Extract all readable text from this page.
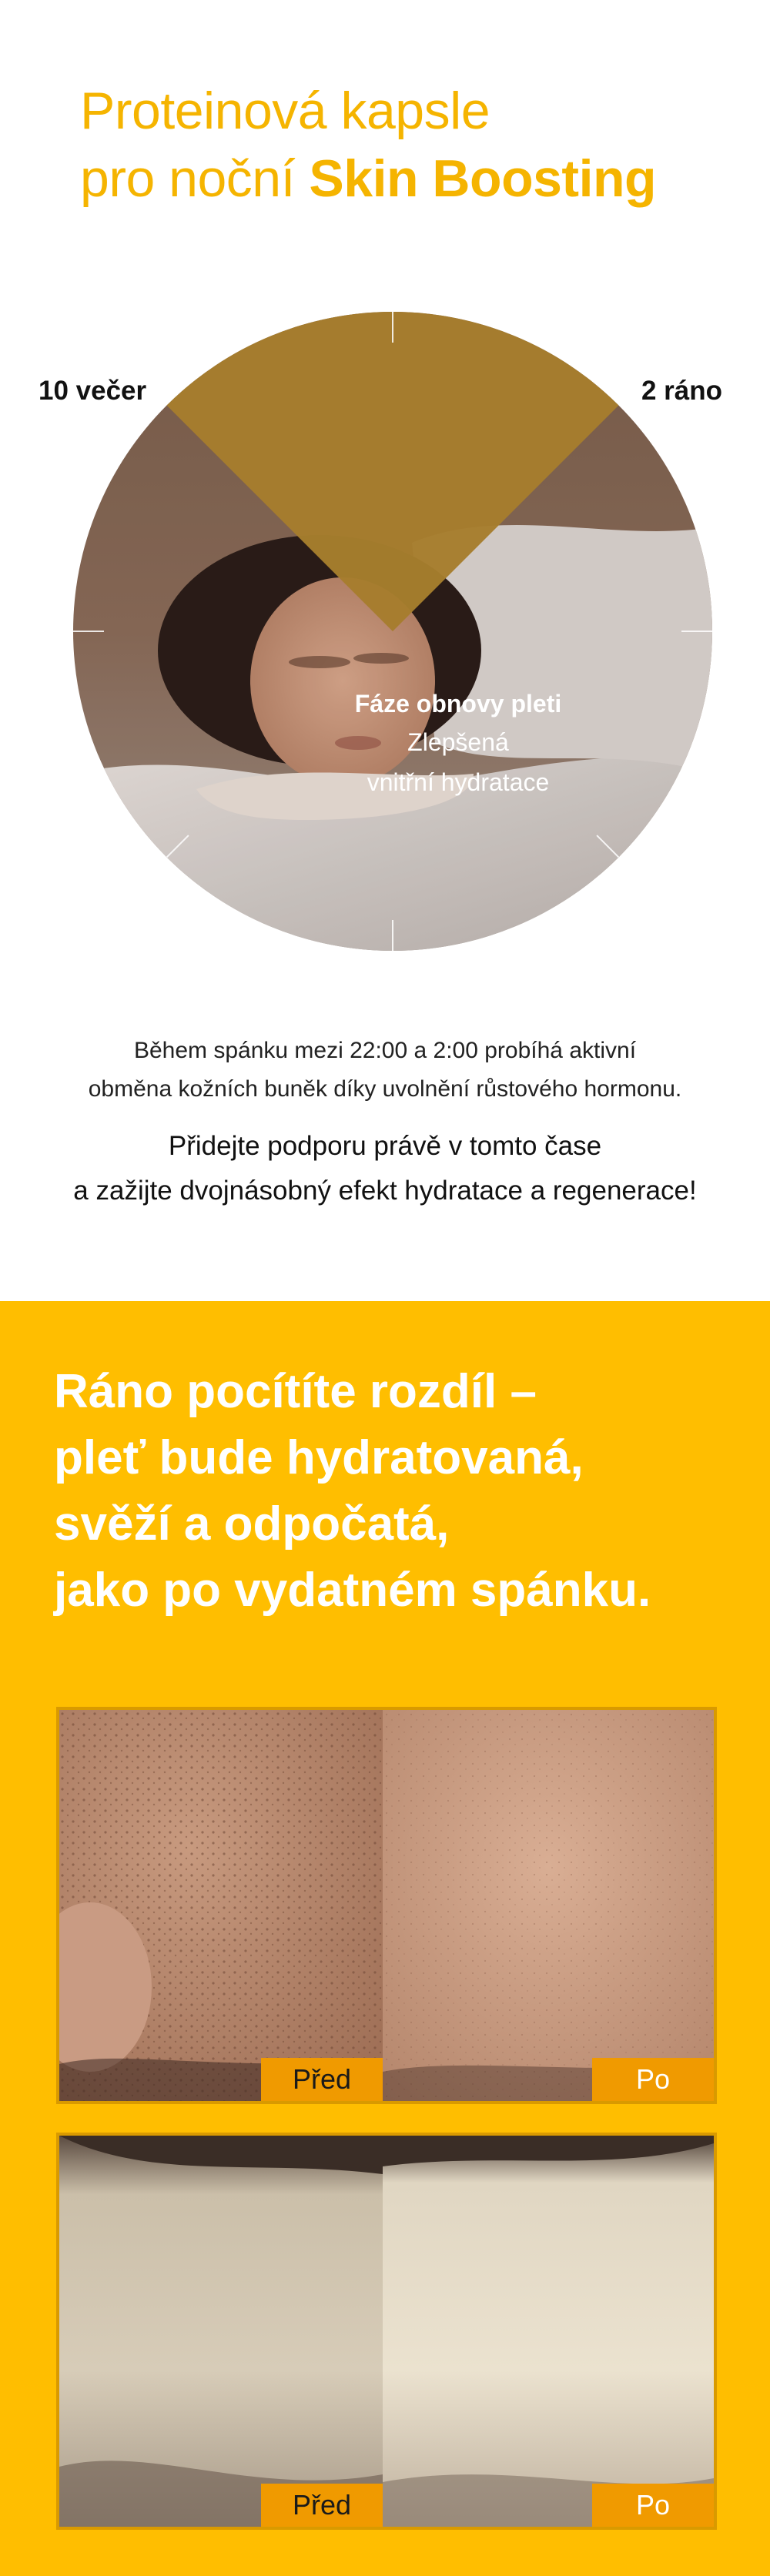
Proteinová kapsle
pro noční Skin Boosting
Fáze obnovy pleti
Zlepšená
vnitřní hydratace
10 večer	2 ráno

Během spánku mezi 22:00 a 2:00 probíhá aktivní
obměna kožních buněk díky uvolnění růstového hormonu.

Přidejte podporu právě v tomto čase
a zažijte dvojnásobný efekt hydratace a regenerace!

Ráno pocítíte rozdíl –
pleť bude hydratovaná,
svěží a odpočatá,
jako po vydatném spánku.
Před	Po
Před	Po
